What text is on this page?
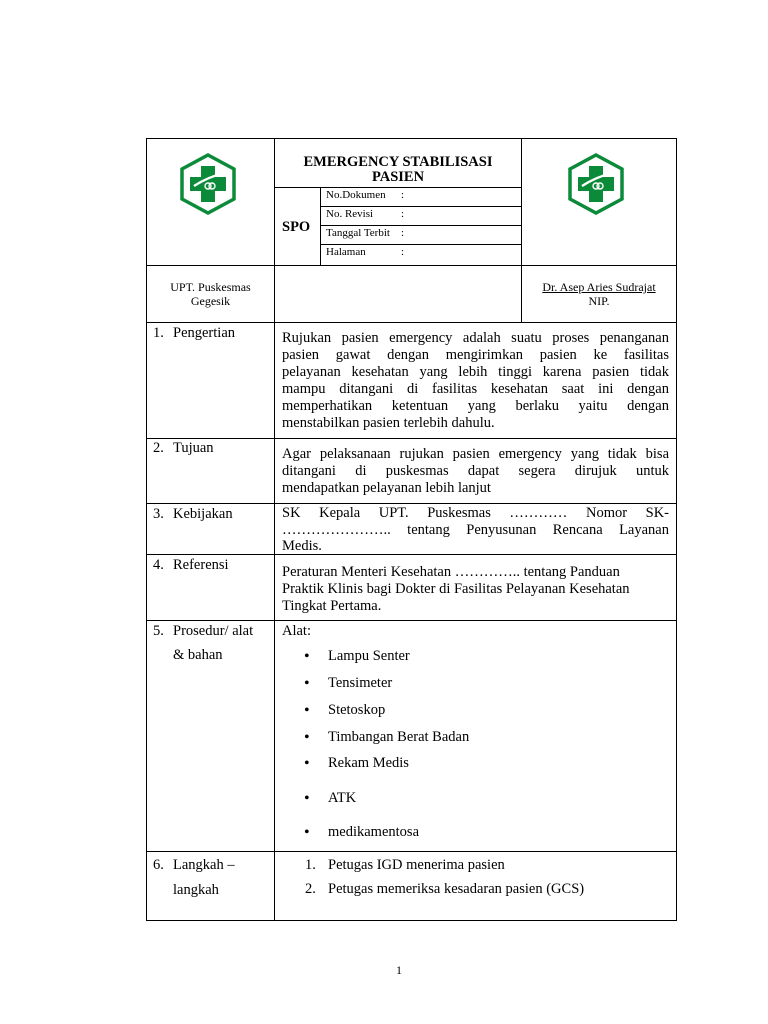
EMERGENCY STABILISASI
PASIEN
SPO
No.Dokumen :
No. Revisi	:
Tanggal Terbit :
Halaman	:
UPT. Puskesmas
Gegesik
Dr. Asep Aries Sudrajat
NIP.
1. Pengertian	Rujukan pasien emergency adalah suatu proses penanganan
pasien gawat dengan mengirimkan pasien ke fasilitas
pelayanan kesehatan yang lebih tinggi karena pasien tidak
mampu ditangani di fasilitas kesehatan saat ini dengan
memperhatikan ketentuan yang berlaku yaitu dengan
menstabilkan pasien terlebih dahulu.
2. Tujuan	Agar pelaksanaan rujukan pasien emergency yang tidak bisa
ditangani di puskesmas dapat segera dirujuk untuk
mendapatkan pelayanan lebih lanjut
3. Kebijakan	SK Kepala UPT. Puskesmas ………… Nomor SK-
………………….. tentang Penyusunan Rencana Layanan
Medis.
4. Referensi	Peraturan Menteri Kesehatan ………….. tentang Panduan
Praktik Klinis bagi Dokter di Fasilitas Pelayanan Kesehatan
Tingkat Pertama.
5. Prosedur/ alat
& bahan
Alat:
• Lampu Senter
• Tensimeter
• Stetoskop
• Timbangan Berat Badan
• Rekam Medis
• ATK
• medikamentosa
6. Langkah –
langkah
1. Petugas IGD menerima pasien
2. Petugas memeriksa kesadaran pasien (GCS)
1
